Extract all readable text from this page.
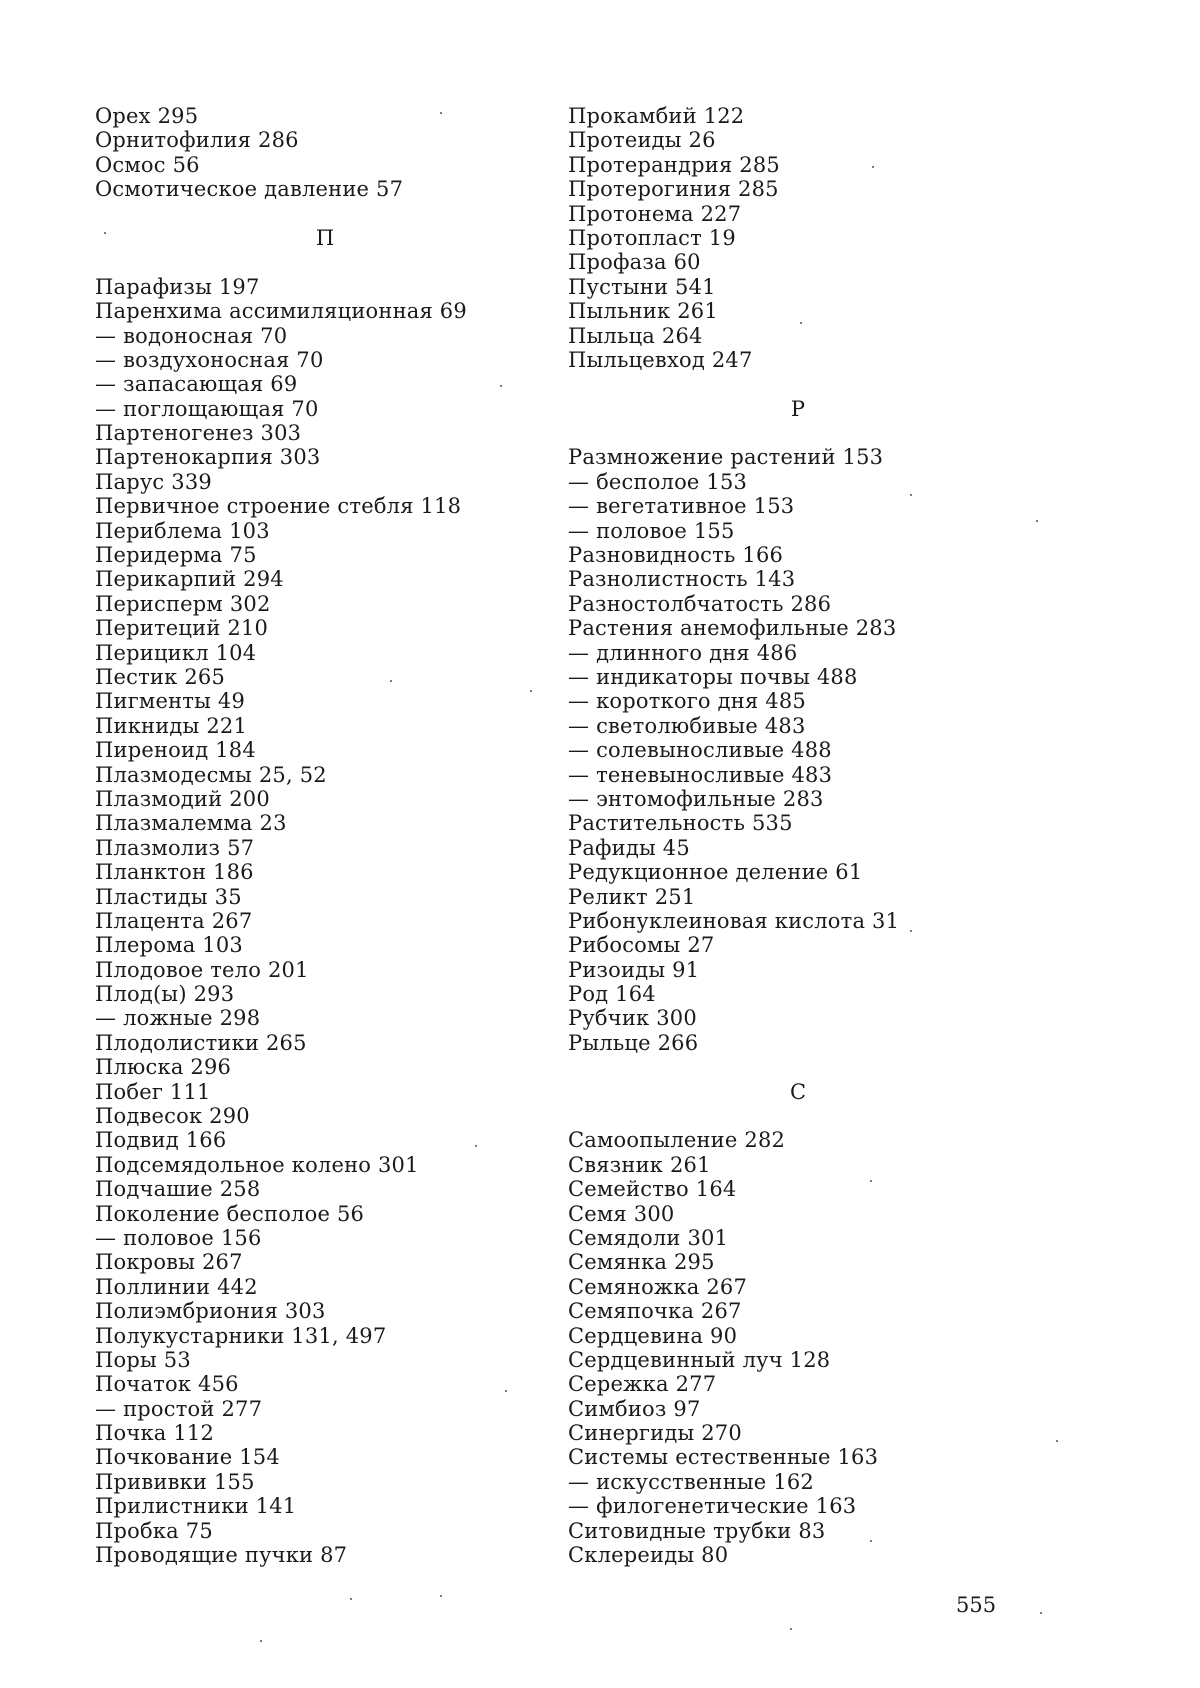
Орех 295
Орнитофилия 286
Осмос 56
Осмотическое давление 57
П
Парафизы 197
Паренхима ассимиляционная 69
— водоносная 70
— воздухоносная 70
— запасающая 69
— поглощающая 70
Партеногенез 303
Партенокарпия 303
Парус 339
Первичное строение стебля 118
Периблема 103
Перидерма 75
Перикарпий 294
Перисперм 302
Перитеций 210
Перицикл 104
Пестик 265
Пигменты 49
Пикниды 221
Пиреноид 184
Плазмодесмы 25, 52
Плазмодий 200
Плазмалемма 23
Плазмолиз 57
Планктон 186
Пластиды 35
Плацента 267
Плерома 103
Плодовое тело 201
Плод(ы) 293
— ложные 298
Плодолистики 265
Плюска 296
Побег 111
Подвесок 290
Подвид 166
Подсемядольное колено 301
Подчашие 258
Поколение бесполое 56
— половое 156
Покровы 267
Поллинии 442
Полиэмбриония 303
Полукустарники 131, 497
Поры 53
Початок 456
— простой 277
Почка 112
Почкование 154
Прививки 155
Прилистники 141
Пробка 75
Проводящие пучки 87
Прокамбий 122
Протеиды 26
Протерандрия 285
Протерогиния 285
Протонема 227
Протопласт 19
Профаза 60
Пустыни 541
Пыльник 261
Пыльца 264
Пыльцевход 247
Р
Размножение растений 153
— бесполое 153
— вегетативное 153
— половое 155
Разновидность 166
Разнолистность 143
Разностолбчатость 286
Растения анемофильные 283
— длинного дня 486
— индикаторы почвы 488
— короткого дня 485
— светолюбивые 483
— солевыносливые 488
— теневыносливые 483
— энтомофильные 283
Растительность 535
Рафиды 45
Редукционное деление 61
Реликт 251
Рибонуклеиновая кислота 31
Рибосомы 27
Ризоиды 91
Род 164
Рубчик 300
Рыльце 266
С
Самоопыление 282
Связник 261
Семейство 164
Семя 300
Семядоли 301
Семянка 295
Семяножка 267
Семяпочка 267
Сердцевина 90
Сердцевинный луч 128
Сережка 277
Симбиоз 97
Синергиды 270
Системы естественные 163
— искусственные 162
— филогенетические 163
Ситовидные трубки 83
Склереиды 80
555
